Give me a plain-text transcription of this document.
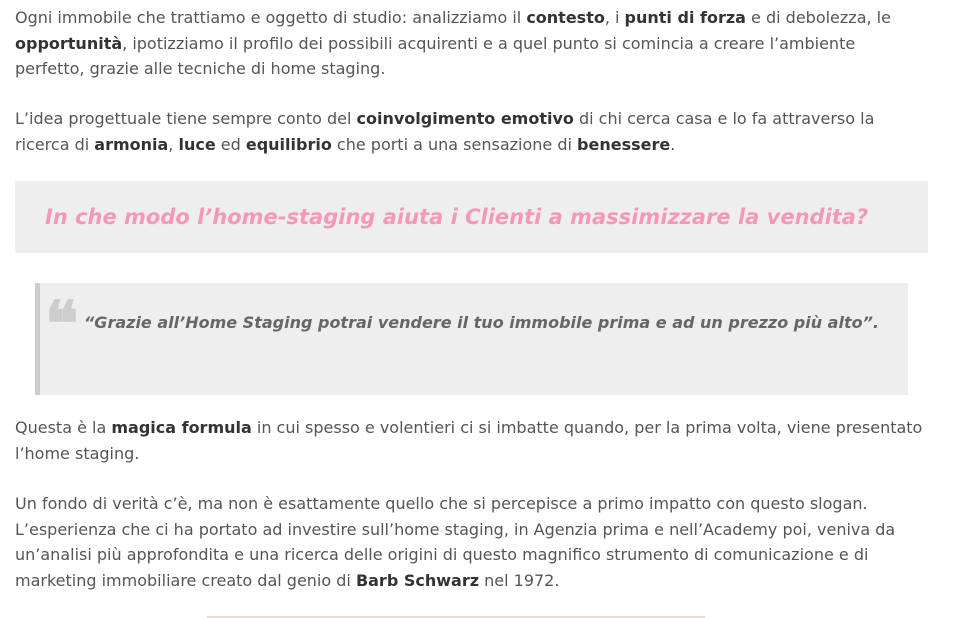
Ogni immobile che trattiamo e oggetto di studio: analizziamo il contesto, i punti di forza e di debolezza, le opportunità, ipotizziamo il profilo dei possibili acquirenti e a quel punto si comincia a creare l’ambiente perfetto, grazie alle tecniche di home staging.

L’idea progettuale tiene sempre conto del coinvolgimento emotivo di chi cerca casa e lo fa attraverso la ricerca di armonia, luce ed equilibrio che porti a una sensazione di benessere.

In che modo l’home-staging aiuta i Clienti a massimizzare la vendita?
❝ “Grazie all’Home Staging potrai vendere il tuo immobile prima e ad un prezzo più alto”.

Questa è la magica formula in cui spesso e volentieri ci si imbatte quando, per la prima volta, viene presentato l’home staging.

Un fondo di verità c’è, ma non è esattamente quello che si percepisce a primo impatto con questo slogan. L’esperienza che ci ha portato ad investire sull’home staging, in Agenzia prima e nell’Academy poi, veniva da un’analisi più approfondita e una ricerca delle origini di questo magnifico strumento di comunicazione e di marketing immobiliare creato dal genio di Barb Schwarz nel 1972.
